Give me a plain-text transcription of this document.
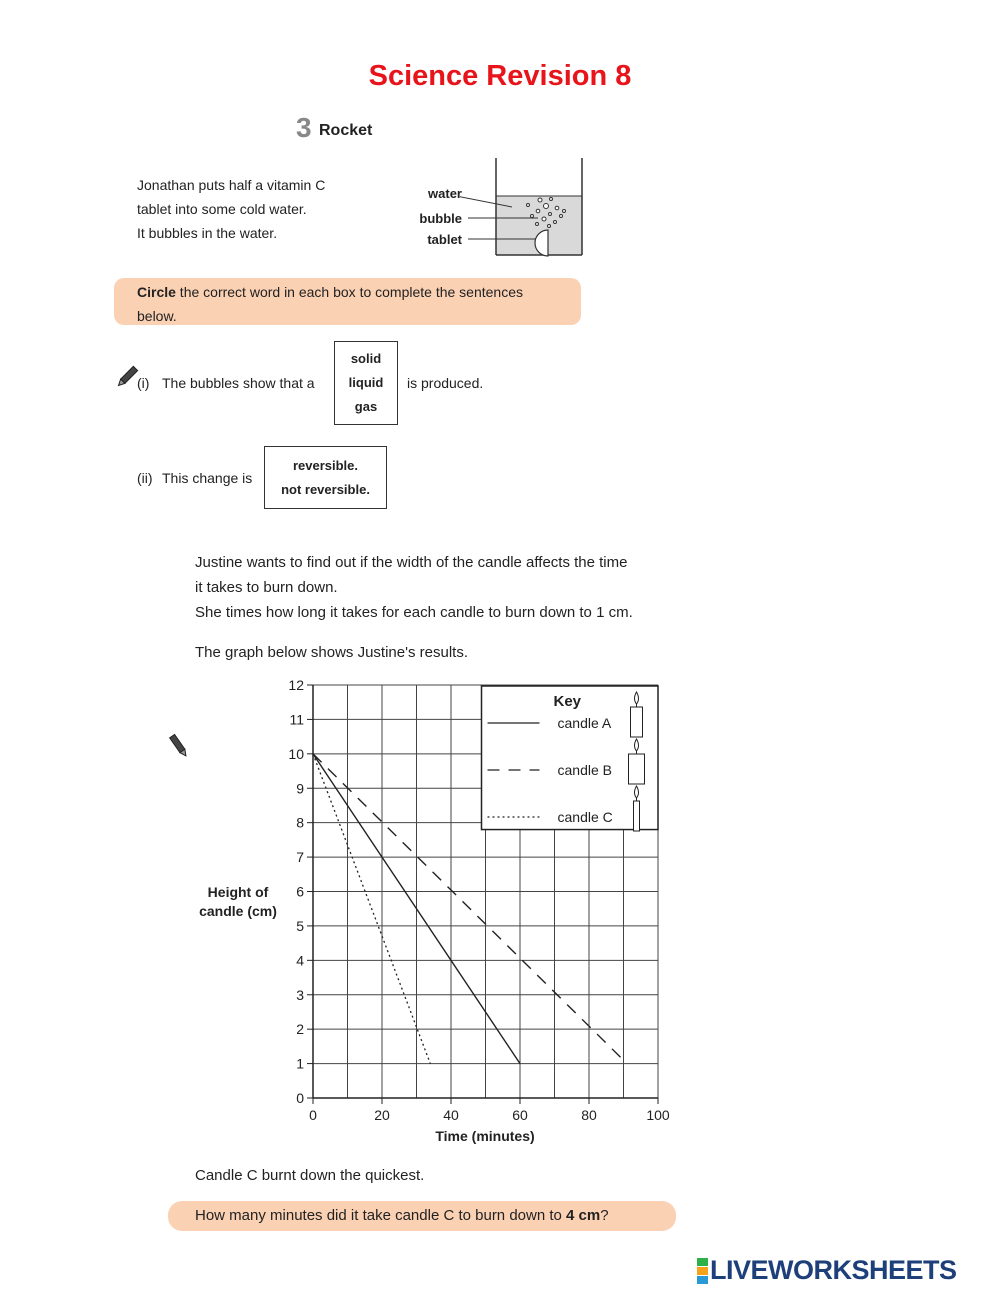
Science Revision 8
3 Rocket
Jonathan puts half a vitamin C
tablet into some cold water.
It bubbles in the water.
water
bubble
tablet
Circle the correct word in each box to complete the sentences
below.
(i) The bubbles show that a
solid
liquid
gas
is produced.
(ii) This change is
reversible.
not reversible.
Justine wants to find out if the width of the candle affects the time
it takes to burn down.
She times how long it takes for each candle to burn down to 1 cm.
The graph below shows Justine's results.
Height of
candle (cm)
Time (minutes)
0
1
2
3
4
5
6
7
8
9
10
11
12
0	20	40	60	80	100
Key
candle A
candle B
candle C
Candle C burnt down the quickest.
How many minutes did it take candle C to burn down to 4 cm?
LIVEWORKSHEETS
